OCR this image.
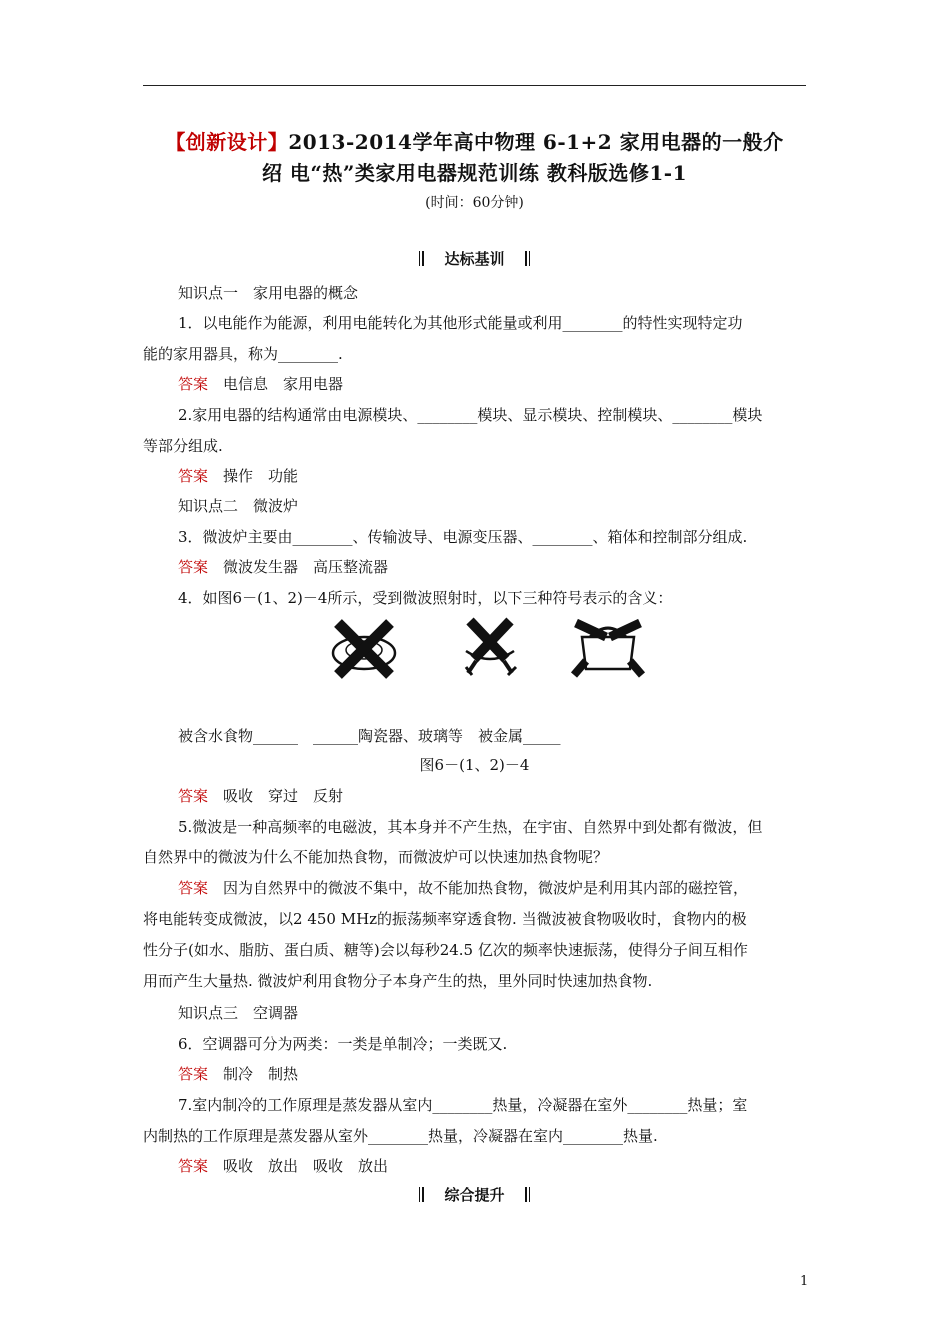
【创新设计】2013-2014学年高中物理 6-1+2 家用电器的一般介
绍 电“热”类家用电器规范训练 教科版选修1-1
(时间：60分钟)
达标基训
知识点一　家用电器的概念
1．以电能作为能源，利用电能转化为其他形式能量或利用________的特性实现特定功
能的家用器具，称为________.
答案　 电信息　家用电器
2.家用电器的结构通常由电源模块、________模块、显示模块、控制模块、________模块
等部分组成.
答案　 操作　功能
知识点二　微波炉
3．微波炉主要由________、传输波导、电源变压器、________、箱体和控制部分组成.
答案　 微波发生器　高压整流器
4．如图6－(1、2)－4所示，受到微波照射时，以下三种符号表示的含义：
被含水食物______　______陶瓷器、玻璃等　被金属_____
图6－(1、2)－4
答案　 吸收　穿过　反射
5.微波是一种高频率的电磁波，其本身并不产生热，在宇宙、自然界中到处都有微波，但
自然界中的微波为什么不能加热食物，而微波炉可以快速加热食物呢？
答案　 因为自然界中的微波不集中，故不能加热食物，微波炉是利用其内部的磁控管，
将电能转变成微波，以2 450 MHz的振荡频率穿透食物. 当微波被食物吸收时，食物内的极
性分子(如水、脂肪、蛋白质、糖等)会以每秒24.5 亿次的频率快速振荡，使得分子间互相作
用而产生大量热. 微波炉利用食物分子本身产生的热，里外同时快速加热食物.
知识点三　空调器
6．空调器可分为两类：一类是单制冷；一类既又.
答案　 制冷　制热
7.室内制冷的工作原理是蒸发器从室内________热量，冷凝器在室外________热量；室
内制热的工作原理是蒸发器从室外________热量，冷凝器在室内________热量.
答案　 吸收　放出　吸收　放出
综合提升
1
